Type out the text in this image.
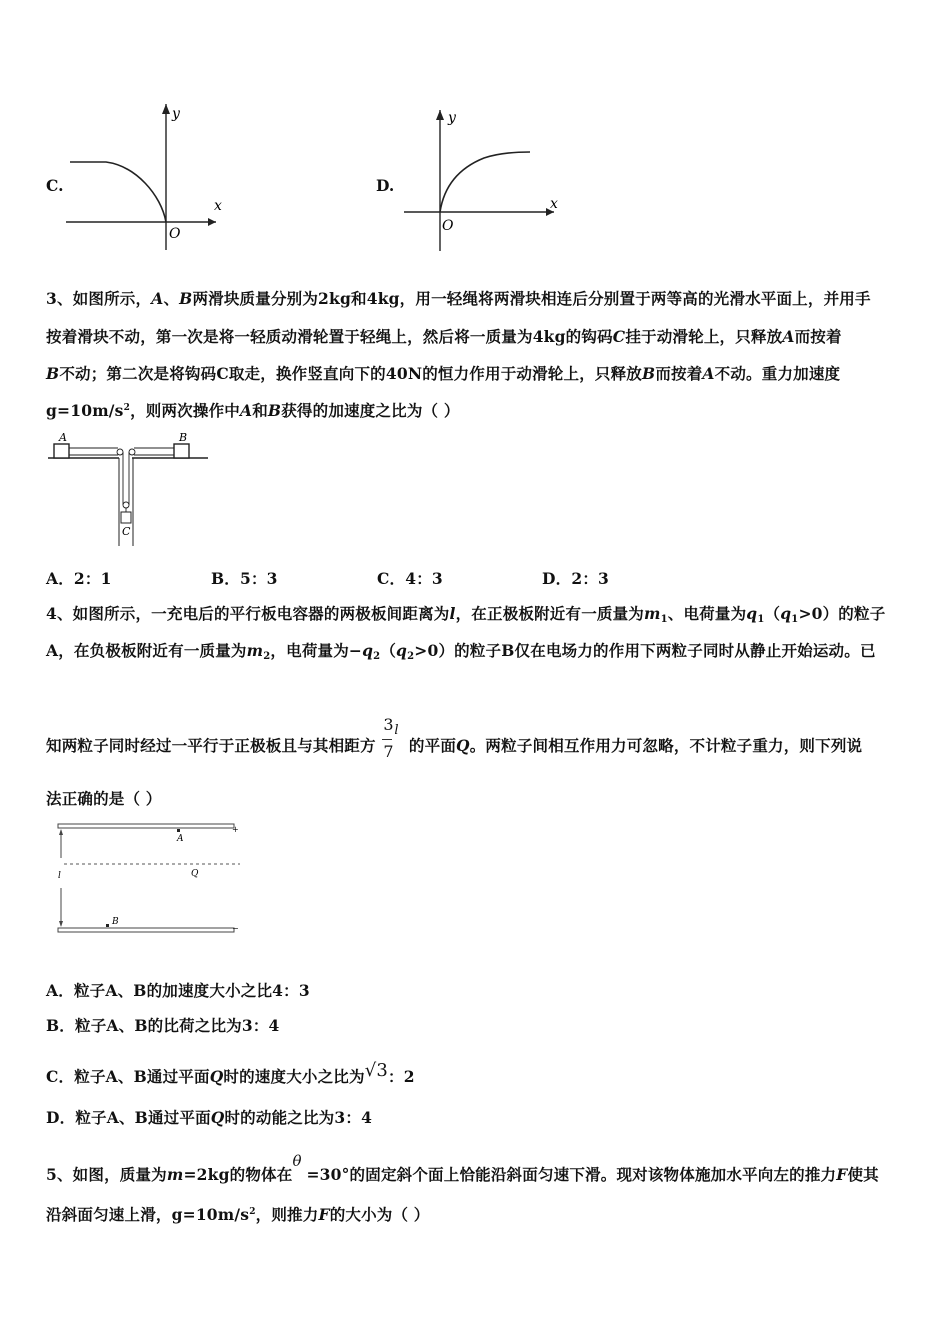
C.
x
y
O
D.
x
y
O
3、如图所示，A、B两滑块质量分别为2kg和4kg，用一轻绳将两滑块相连后分别置于两等高的光滑水平面上，并用手
按着滑块不动，第一次是将一轻质动滑轮置于轻绳上，然后将一质量为4kg的钩码C挂于动滑轮上，只释放A而按着
B不动；第二次是将钩码C取走，换作竖直向下的40N的恒力作用于动滑轮上，只释放B而按着A不动。重力加速度
$g=10m/s^2$，则两次操作中A和B获得的加速度之比为（ ）
A	B
C
A．2：1	B．5：3	C．4：3	D．2：3
4、如图所示，一充电后的平行板电容器的两极板间距离为l，在正极板附近有一质量为$m_1$、电荷量为$q_1(q_1>0)$的粒子
A，在负极板附近有一质量为$m_2$，电荷量为$-q_2(q_2>0)$的粒子B仅在电场力的作用下两粒子同时从静止开始运动。已
知两粒子同时经过一平行于正极板且与其相距方
3
7
l
的平面Q。两粒子间相互作用力可忽略，不计粒子重力，则下列说
法正确的是（ ）
A
B
Q
l
+
−
A．粒子A、B的加速度大小之比4：3
B．粒子A、B的比荷之比为3：4
C．粒子A、B通过平面Q时的速度大小之比为√3：2
D．粒子A、B通过平面Q时的动能之比为3：4
5、如图，质量为m=2kg的物体在θ=30°的固定斜个面上恰能沿斜面匀速下滑。现对该物体施加水平向左的推力F使其
沿斜面匀速上滑，$g=10m/s^2$，则推力F的大小为（ ）
